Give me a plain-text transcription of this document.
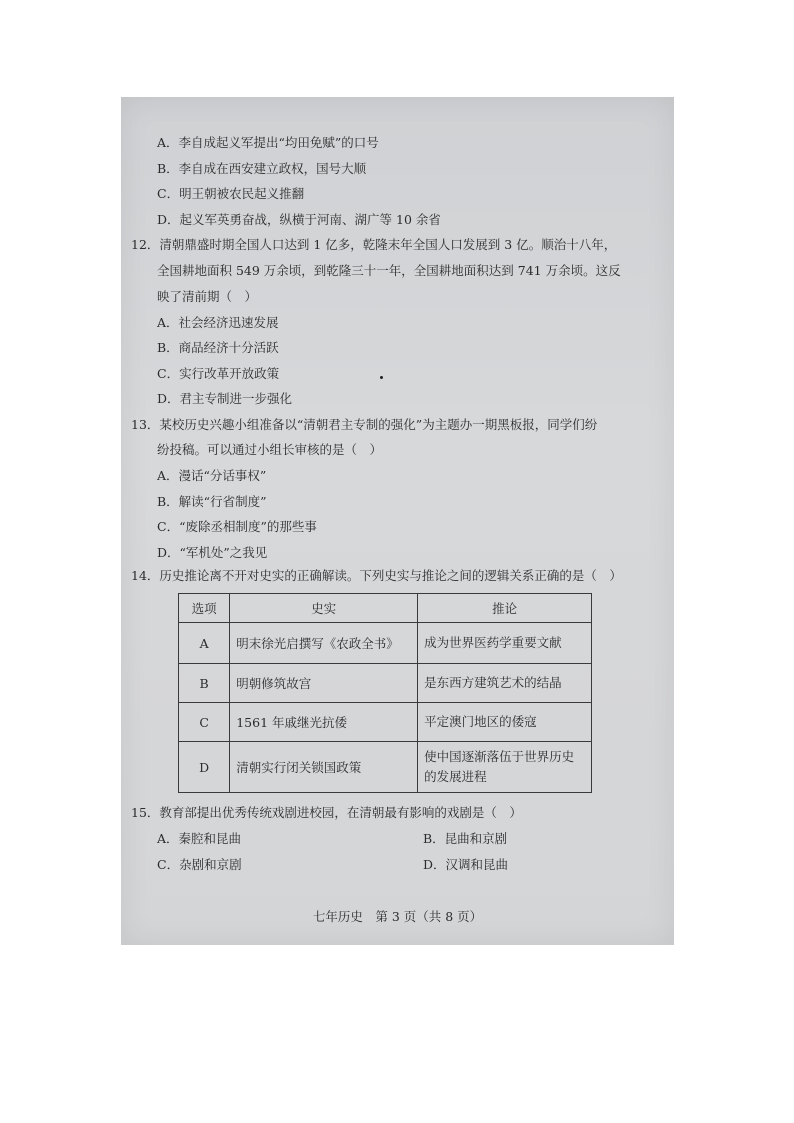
A．李自成起义军提出“均田免赋”的口号
B．李自成在西安建立政权，国号大顺
C．明王朝被农民起义推翻
D．起义军英勇奋战，纵横于河南、湖广等 10 余省
12．清朝鼎盛时期全国人口达到 1 亿多，乾隆末年全国人口发展到 3 亿。顺治十八年，
全国耕地面积 549 万余顷，到乾隆三十一年，全国耕地面积达到 741 万余顷。这反
映了清前期（　）
A．社会经济迅速发展
B．商品经济十分活跃
C．实行改革开放政策
D．君主专制进一步强化
13．某校历史兴趣小组准备以“清朝君主专制的强化”为主题办一期黑板报，同学们纷
纷投稿。可以通过小组长审核的是（　）
A．漫话“分话事权”
B．解读“行省制度”
C．“废除丞相制度”的那些事
D．“军机处”之我见
14．历史推论离不开对史实的正确解读。下列史实与推论之间的逻辑关系正确的是（　）
选项	史实	推论
A	明末徐光启撰写《农政全书》	成为世界医药学重要文献
B	明朝修筑故宫	是东西方建筑艺术的结晶
C	1561 年戚继光抗倭	平定澳门地区的倭寇
D	清朝实行闭关锁国政策	使中国逐渐落伍于世界历史的发展进程
15．教育部提出优秀传统戏剧进校园，在清朝最有影响的戏剧是（　）
A．秦腔和昆曲	B．昆曲和京剧
C．杂剧和京剧	D．汉调和昆曲
七年历史　第 3 页（共 8 页）
